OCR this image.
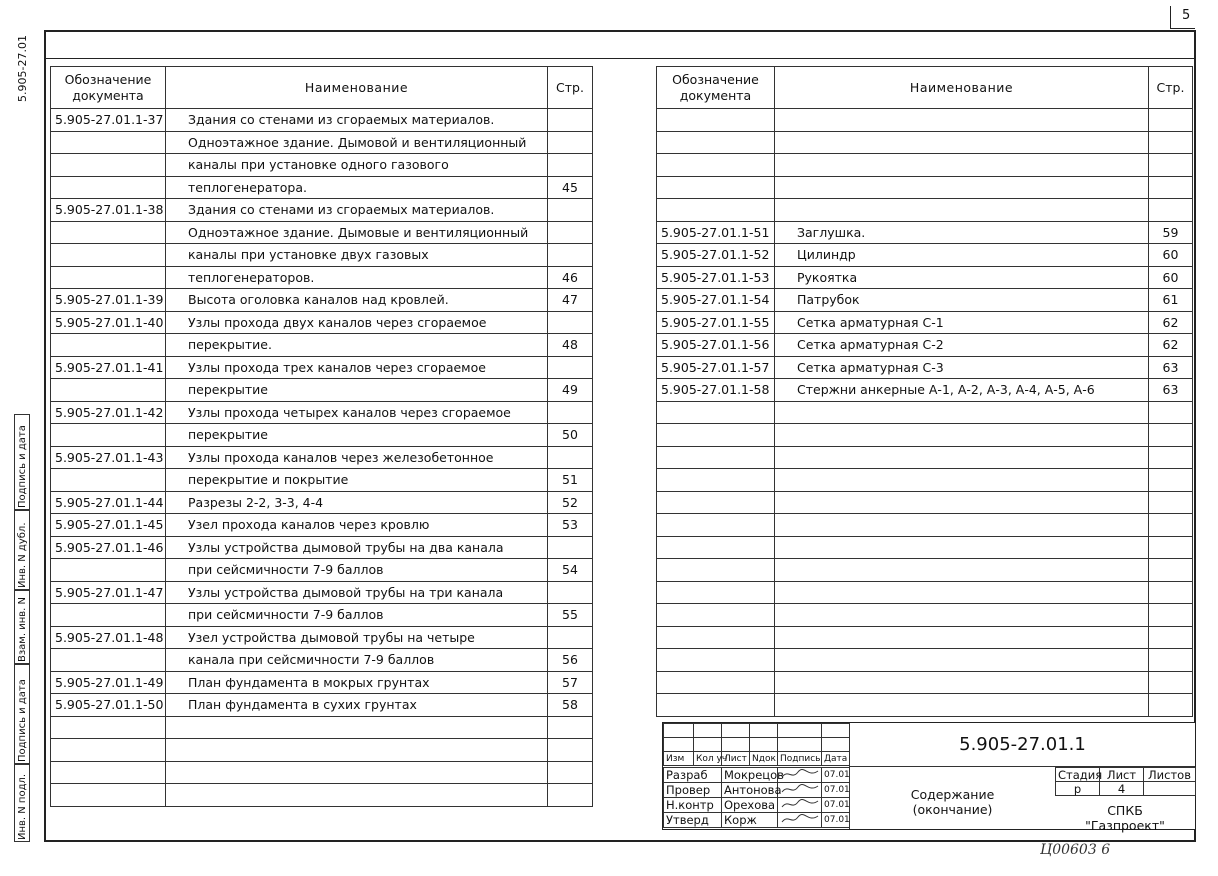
5
5.905-27.01
Подпись и дата
Инв. N дубл.
Взам. инв. N
Подпись и дата
Инв. N подл.
Обозначение документа	Наименование	Стр.
5.905-27.01.1-37	Здания со стенами из сгораемых материалов.	
	Одноэтажное здание. Дымовой и вентиляционный	
	каналы при установке одного газового	
	теплогенератора.	45
5.905-27.01.1-38	Здания со стенами из сгораемых материалов.	
	Одноэтажное здание. Дымовые и вентиляционный	
	каналы при установке двух газовых	
	теплогенераторов.	46
5.905-27.01.1-39	Высота оголовка каналов над кровлей.	47
5.905-27.01.1-40	Узлы прохода двух каналов через сгораемое	
	перекрытие.	48
5.905-27.01.1-41	Узлы прохода трех каналов через сгораемое	
	перекрытие	49
5.905-27.01.1-42	Узлы прохода четырех каналов через сгораемое	
	перекрытие	50
5.905-27.01.1-43	Узлы прохода каналов через железобетонное	
	перекрытие и покрытие	51
5.905-27.01.1-44	Разрезы 2-2, 3-3, 4-4	52
5.905-27.01.1-45	Узел прохода каналов через кровлю	53
5.905-27.01.1-46	Узлы устройства дымовой трубы на два канала	
	при сейсмичности 7-9 баллов	54
5.905-27.01.1-47	Узлы устройства дымовой трубы на три канала	
	при сейсмичности 7-9 баллов	55
5.905-27.01.1-48	Узел устройства дымовой трубы на четыре	
	канала при сейсмичности 7-9 баллов	56
5.905-27.01.1-49	План фундамента в мокрых грунтах	57
5.905-27.01.1-50	План фундамента в сухих грунтах	58

Обозначение документа	Наименование	Стр.

5.905-27.01.1-51	Заглушка.	59
5.905-27.01.1-52	Цилиндр	60
5.905-27.01.1-53	Рукоятка	60
5.905-27.01.1-54	Патрубок	61
5.905-27.01.1-55	Сетка арматурная С-1	62
5.905-27.01.1-56	Сетка арматурная С-2	62
5.905-27.01.1-57	Сетка арматурная С-3	63
5.905-27.01.1-58	Стержни анкерные А-1, А-2, А-3, А-4, А-5, А-6	63

Изм	Кол уч	Лист	Nдок	Подпись	Дата
Разраб	Мокрецов		07.01
Провер	Антонова		07.01
Н.контр	Орехова		07.01
Утверд	Корж		07.01
5.905-27.01.1
Содержание
(окончание)
Стадия	Лист	Листов
р	4	
СПКБ
"Газпроект"
Ц00603 6
